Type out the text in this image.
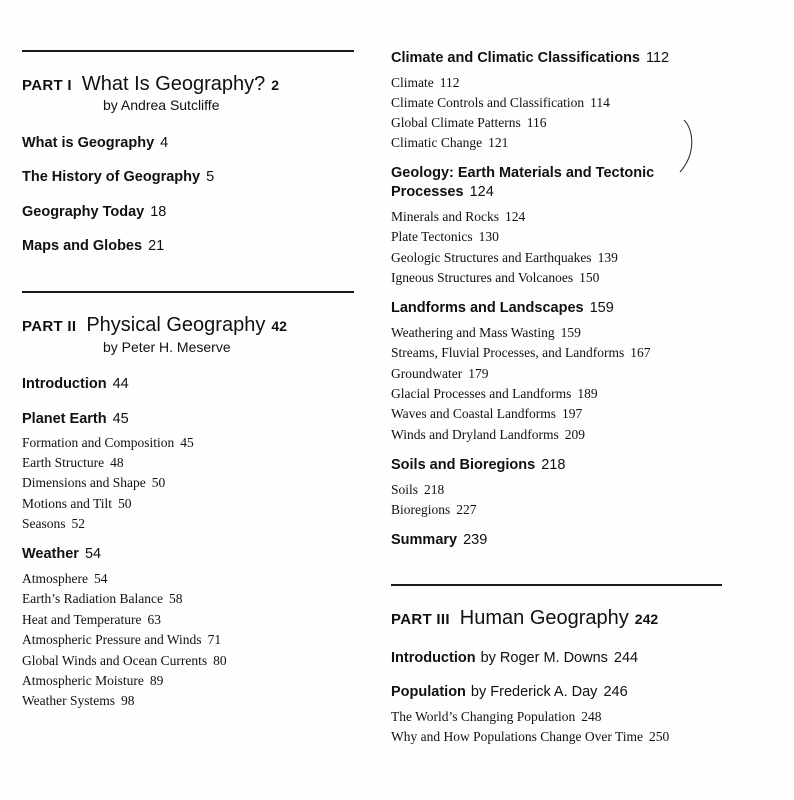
PART I What Is Geography? 2
by Andrea Sutcliffe
What is Geography 4
The History of Geography 5
Geography Today 18
Maps and Globes 21
PART II Physical Geography 42
by Peter H. Meserve
Introduction 44
Planet Earth 45
Formation and Composition 45
Earth Structure 48
Dimensions and Shape 50
Motions and Tilt 50
Seasons 52
Weather 54
Atmosphere 54
Earth’s Radiation Balance 58
Heat and Temperature 63
Atmospheric Pressure and Winds 71
Global Winds and Ocean Currents 80
Atmospheric Moisture 89
Weather Systems 98
Climate and Climatic Classifications 112
Climate 112
Climate Controls and Classification 114
Global Climate Patterns 116
Climatic Change 121
Geology: Earth Materials and Tectonic
Processes 124
Minerals and Rocks 124
Plate Tectonics 130
Geologic Structures and Earthquakes 139
Igneous Structures and Volcanoes 150
Landforms and Landscapes 159
Weathering and Mass Wasting 159
Streams, Fluvial Processes, and Landforms 167
Groundwater 179
Glacial Processes and Landforms 189
Waves and Coastal Landforms 197
Winds and Dryland Landforms 209
Soils and Bioregions 218
Soils 218
Bioregions 227
Summary 239
PART III Human Geography 242
Introduction by Roger M. Downs 244
Population by Frederick A. Day 246
The World’s Changing Population 248
Why and How Populations Change Over Time 250
